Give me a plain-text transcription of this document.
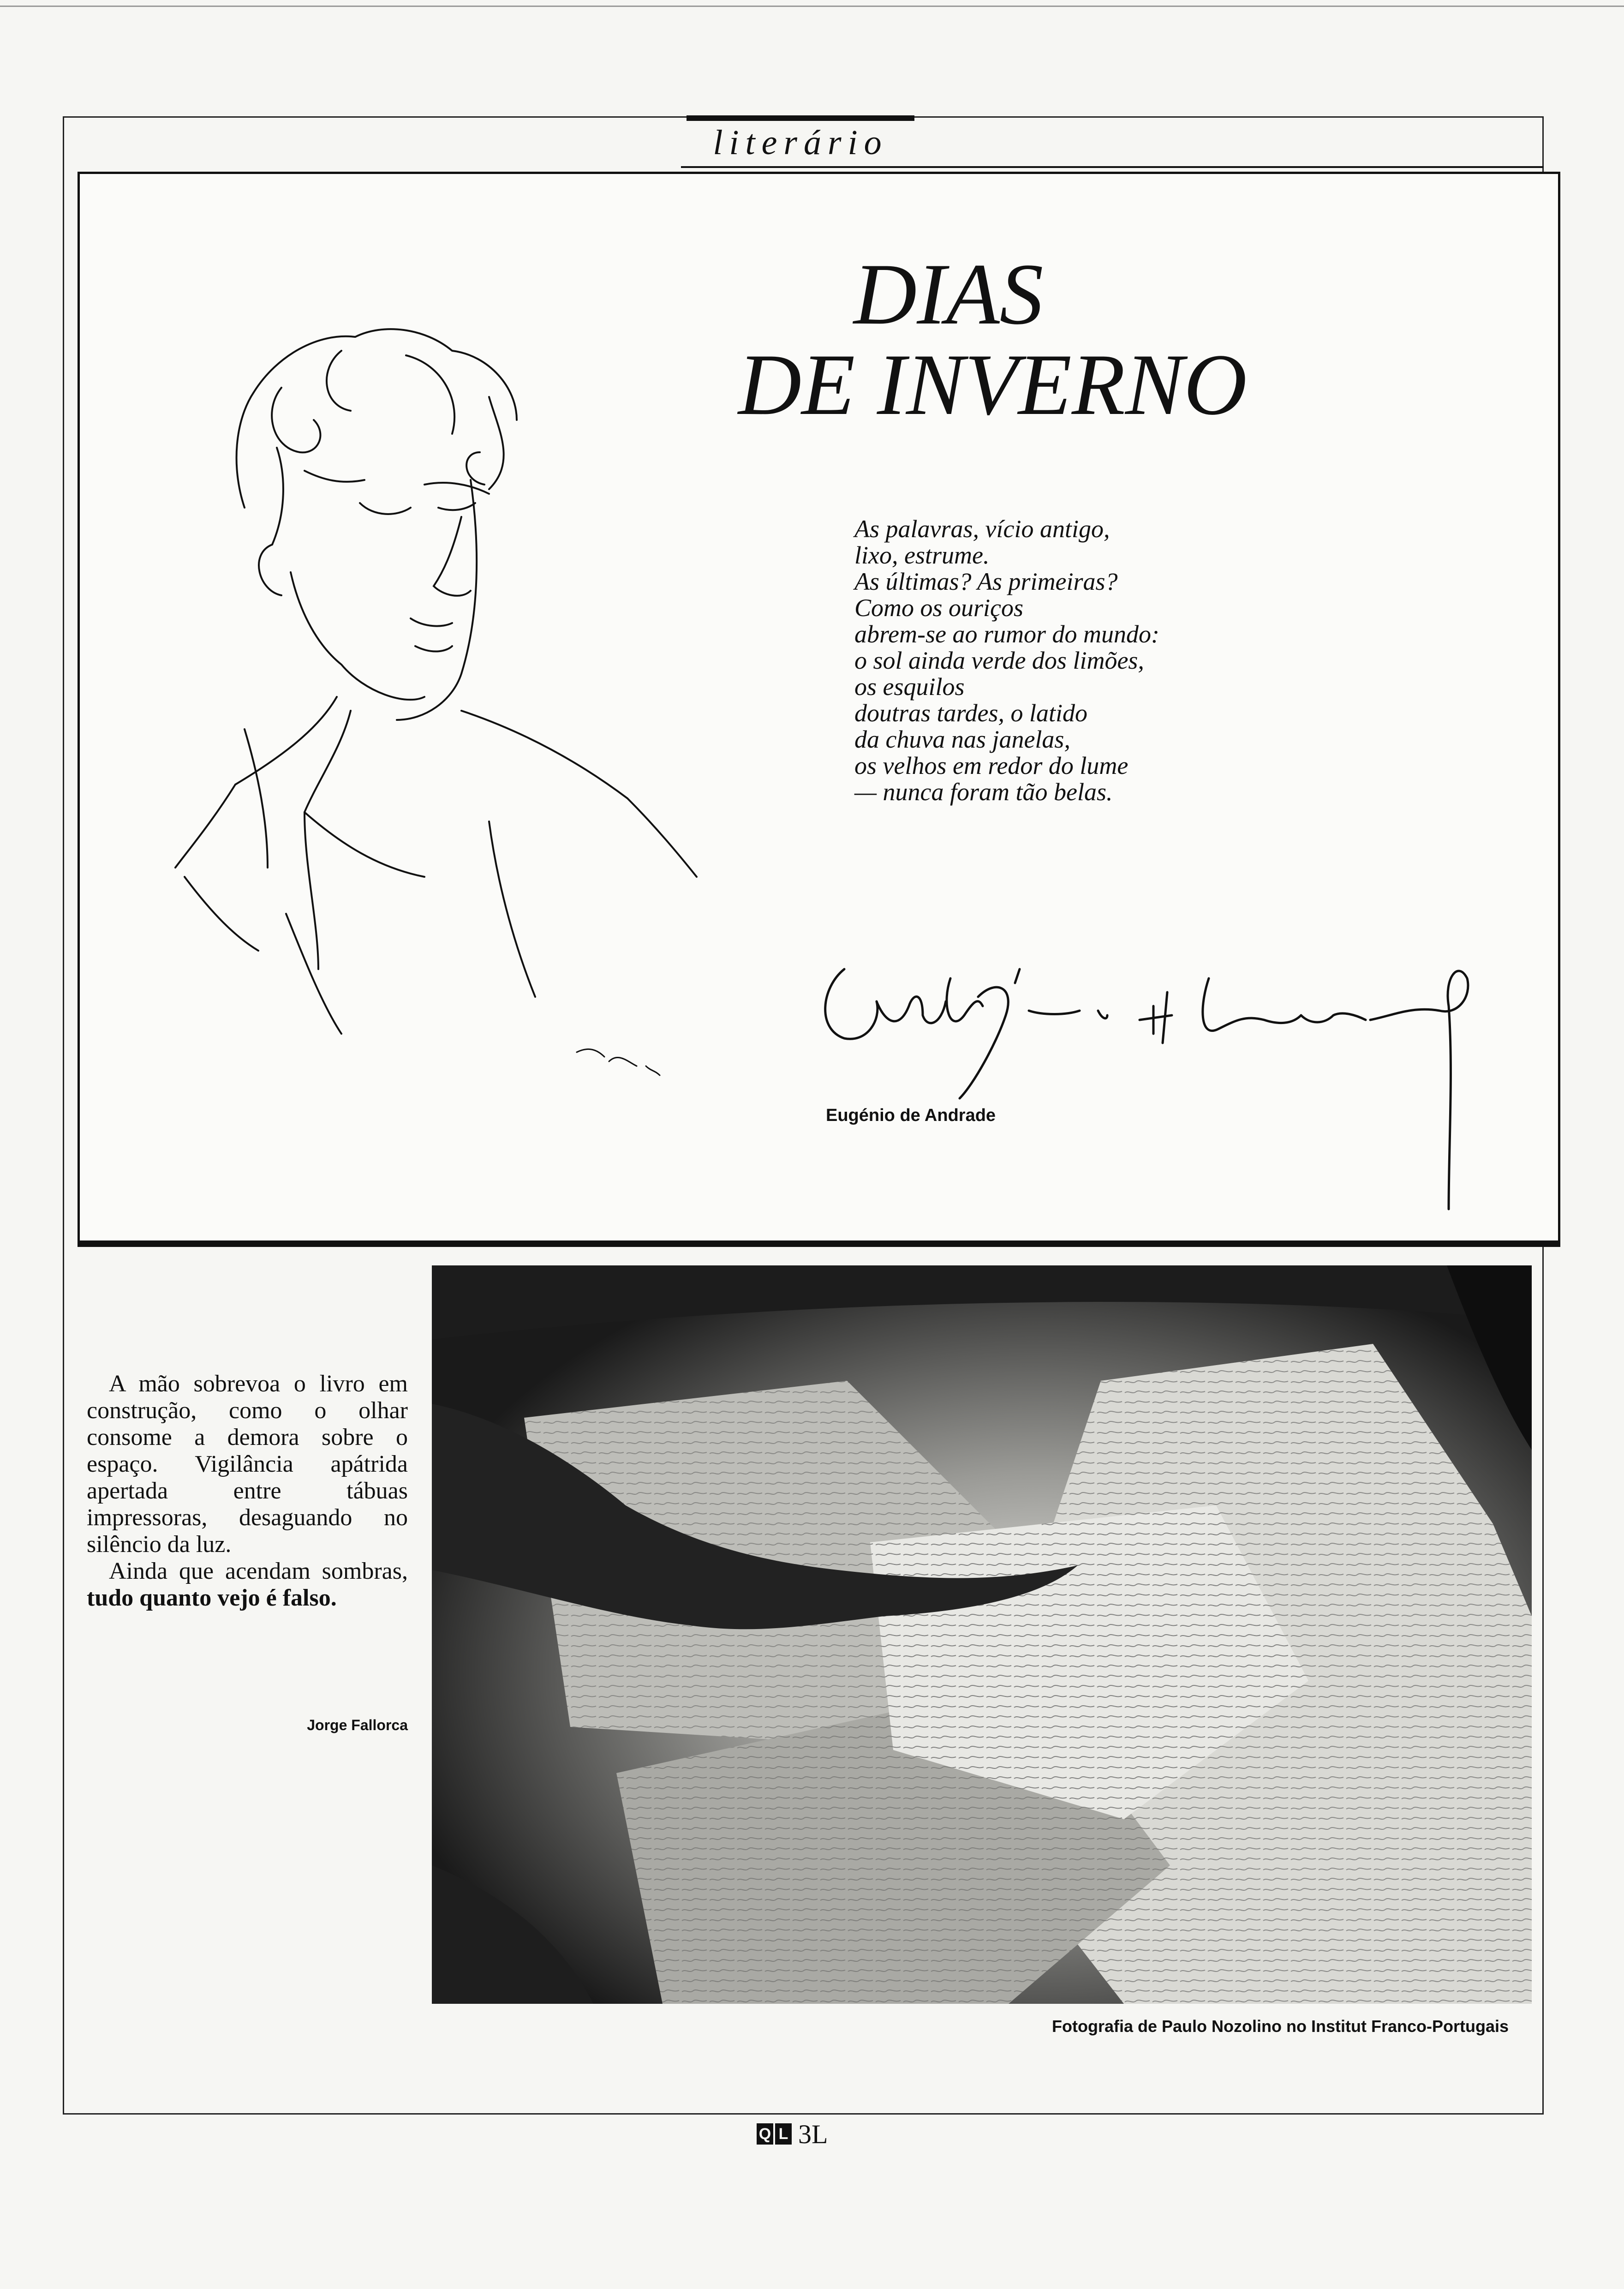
literário
DIAS
DE INVERNO
As palavras, vício antigo,
lixo, estrume.
As últimas? As primeiras?
Como os ouriços
abrem-se ao rumor do mundo:
o sol ainda verde dos limões,
os esquilos
doutras tardes, o latido
da chuva nas janelas,
os velhos em redor do lume
— nunca foram tão belas.
Eugénio de Andrade

A mão sobrevoa o livro em construção, como o olhar consome a demora sobre o espaço. Vigilância apátrida apertada entre tábuas impressoras, desaguando no silêncio da luz.

Ainda que acendam sombras, tudo quanto vejo é falso.

Jorge Fallorca
Fotografia de Paulo Nozolino no Institut Franco-Portugais
Q L 3L
